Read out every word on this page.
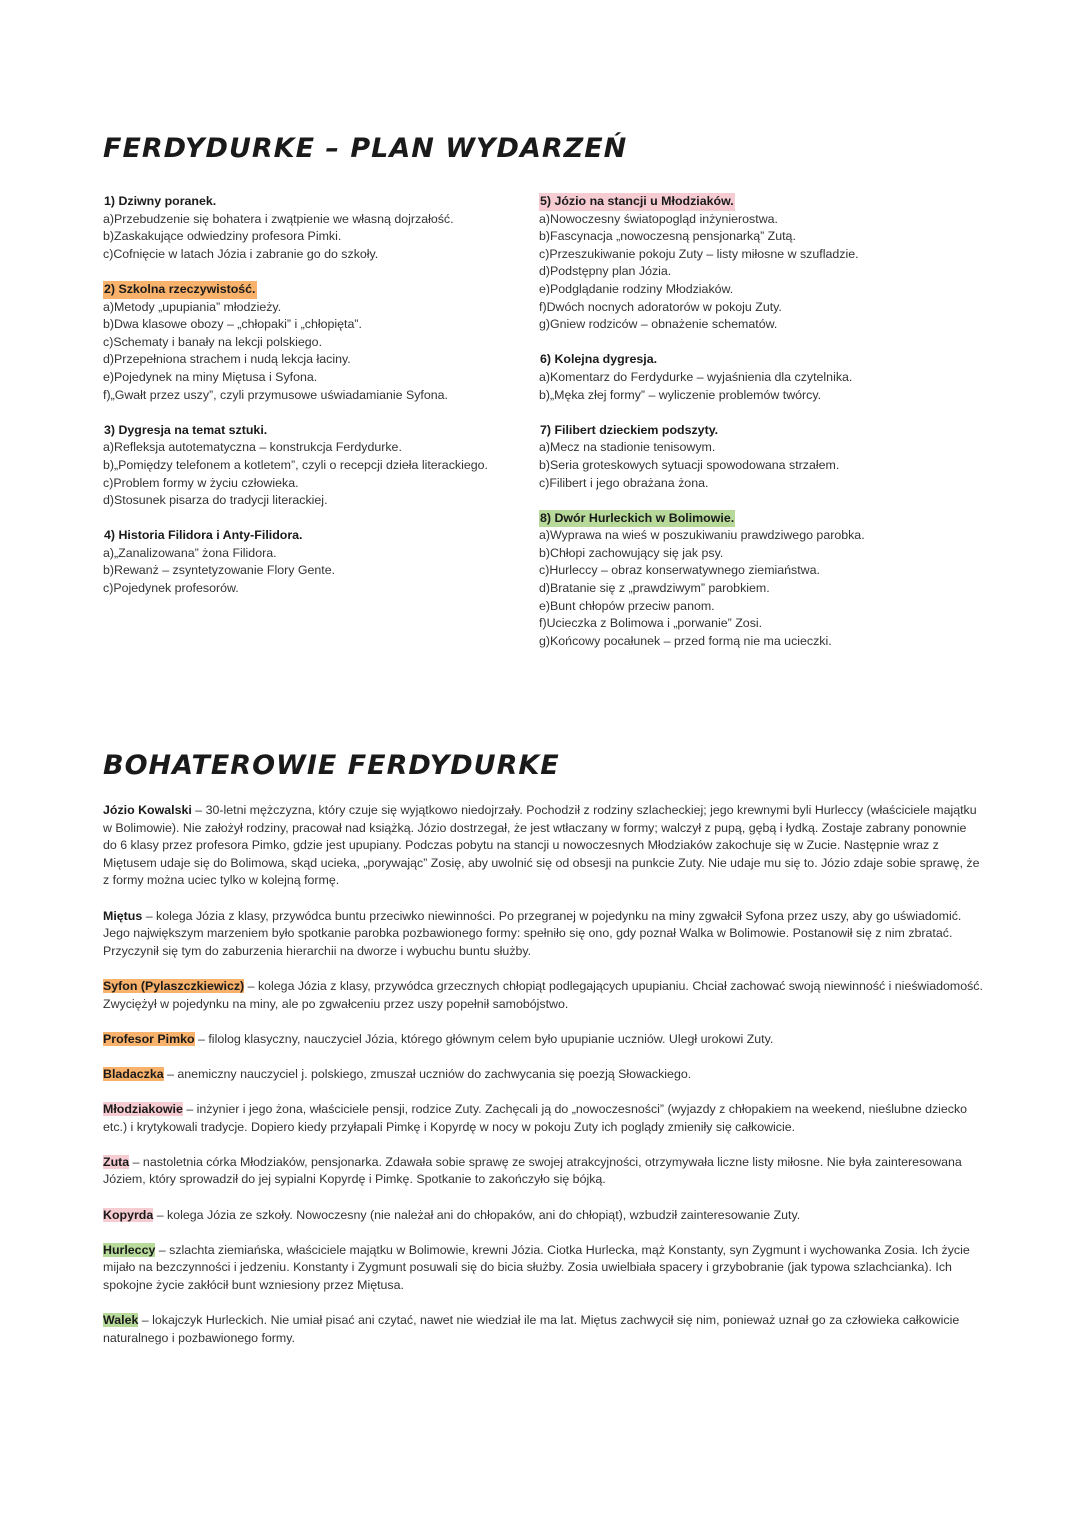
FERDYDURKE – PLAN WYDARZEŃ
1) Dziwny poranek.
a)Przebudzenie się bohatera i zwątpienie we własną dojrzałość.
b)Zaskakujące odwiedziny profesora Pimki.
c)Cofnięcie w latach Józia i zabranie go do szkoły.
2) Szkolna rzeczywistość.
a)Metody „upupiania” młodzieży.
b)Dwa klasowe obozy – „chłopaki” i „chłopięta”.
c)Schematy i banały na lekcji polskiego.
d)Przepełniona strachem i nudą lekcja łaciny.
e)Pojedynek na miny Miętusa i Syfona.
f)„Gwałt przez uszy”, czyli przymusowe uświadamianie Syfona.
3) Dygresja na temat sztuki.
a)Refleksja autotematyczna – konstrukcja Ferdydurke.
b)„Pomiędzy telefonem a kotletem”, czyli o recepcji dzieła literackiego.
c)Problem formy w życiu człowieka.
d)Stosunek pisarza do tradycji literackiej.
4) Historia Filidora i Anty-Filidora.
a)„Zanalizowana” żona Filidora.
b)Rewanż – zsyntetyzowanie Flory Gente.
c)Pojedynek profesorów.
5) Józio na stancji u Młodziaków.
a)Nowoczesny światopogląd inżynierostwa.
b)Fascynacja „nowoczesną pensjonarką” Zutą.
c)Przeszukiwanie pokoju Zuty – listy miłosne w szufladzie.
d)Podstępny plan Józia.
e)Podglądanie rodziny Młodziaków.
f)Dwóch nocnych adoratorów w pokoju Zuty.
g)Gniew rodziców – obnażenie schematów.
6) Kolejna dygresja.
a)Komentarz do Ferdydurke – wyjaśnienia dla czytelnika.
b)„Męka złej formy” – wyliczenie problemów twórcy.
7) Filibert dzieckiem podszyty.
a)Mecz na stadionie tenisowym.
b)Seria groteskowych sytuacji spowodowana strzałem.
c)Filibert i jego obrażana żona.
8) Dwór Hurleckich w Bolimowie.
a)Wyprawa na wieś w poszukiwaniu prawdziwego parobka.
b)Chłopi zachowujący się jak psy.
c)Hurleccy – obraz konserwatywnego ziemiaństwa.
d)Bratanie się z „prawdziwym” parobkiem.
e)Bunt chłopów przeciw panom.
f)Ucieczka z Bolimowa i „porwanie” Zosi.
g)Końcowy pocałunek – przed formą nie ma ucieczki.
BOHATEROWIE FERDYDURKE

Józio Kowalski – 30-letni mężczyzna, który czuje się wyjątkowo niedojrzały. Pochodził z rodziny szlacheckiej; jego krewnymi byli Hurleccy (właściciele majątku w Bolimowie). Nie założył rodziny, pracował nad książką. Józio dostrzegał, że jest wtłaczany w formy; walczył z pupą, gębą i łydką. Zostaje zabrany ponownie do 6 klasy przez profesora Pimko, gdzie jest upupiany. Podczas pobytu na stancji u nowoczesnych Młodziaków zakochuje się w Zucie. Następnie wraz z Miętusem udaje się do Bolimowa, skąd ucieka, „porywając” Zosię, aby uwolnić się od obsesji na punkcie Zuty. Nie udaje mu się to. Józio zdaje sobie sprawę, że z formy można uciec tylko w kolejną formę.

Miętus – kolega Józia z klasy, przywódca buntu przeciwko niewinności. Po przegranej w pojedynku na miny zgwałcił Syfona przez uszy, aby go uświadomić. Jego największym marzeniem było spotkanie parobka pozbawionego formy: spełniło się ono, gdy poznał Walka w Bolimowie. Postanowił się z nim zbratać. Przyczynił się tym do zaburzenia hierarchii na dworze i wybuchu buntu służby.

Syfon (Pylaszczkiewicz) – kolega Józia z klasy, przywódca grzecznych chłopiąt podlegających upupianiu. Chciał zachować swoją niewinność i nieświadomość. Zwyciężył w pojedynku na miny, ale po zgwałceniu przez uszy popełnił samobójstwo.

Profesor Pimko – filolog klasyczny, nauczyciel Józia, którego głównym celem było upupianie uczniów. Uległ urokowi Zuty.

Bladaczka – anemiczny nauczyciel j. polskiego, zmuszał uczniów do zachwycania się poezją Słowackiego.

Młodziakowie – inżynier i jego żona, właściciele pensji, rodzice Zuty. Zachęcali ją do „nowoczesności” (wyjazdy z chłopakiem na weekend, nieślubne dziecko etc.) i krytykowali tradycje. Dopiero kiedy przyłapali Pimkę i Kopyrdę w nocy w pokoju Zuty ich poglądy zmieniły się całkowicie.

Zuta – nastoletnia córka Młodziaków, pensjonarka. Zdawała sobie sprawę ze swojej atrakcyjności, otrzymywała liczne listy miłosne. Nie była zainteresowana Józiem, który sprowadził do jej sypialni Kopyrdę i Pimkę. Spotkanie to zakończyło się bójką.

Kopyrda – kolega Józia ze szkoły. Nowoczesny (nie należał ani do chłopaków, ani do chłopiąt), wzbudził zainteresowanie Zuty.

Hurleccy – szlachta ziemiańska, właściciele majątku w Bolimowie, krewni Józia. Ciotka Hurlecka, mąż Konstanty, syn Zygmunt i wychowanka Zosia. Ich życie mijało na bezczynności i jedzeniu. Konstanty i Zygmunt posuwali się do bicia służby. Zosia uwielbiała spacery i grzybobranie (jak typowa szlachcianka). Ich spokojne życie zakłócił bunt wzniesiony przez Miętusa.

Walek – lokajczyk Hurleckich. Nie umiał pisać ani czytać, nawet nie wiedział ile ma lat. Miętus zachwycił się nim, ponieważ uznał go za człowieka całkowicie naturalnego i pozbawionego formy.
